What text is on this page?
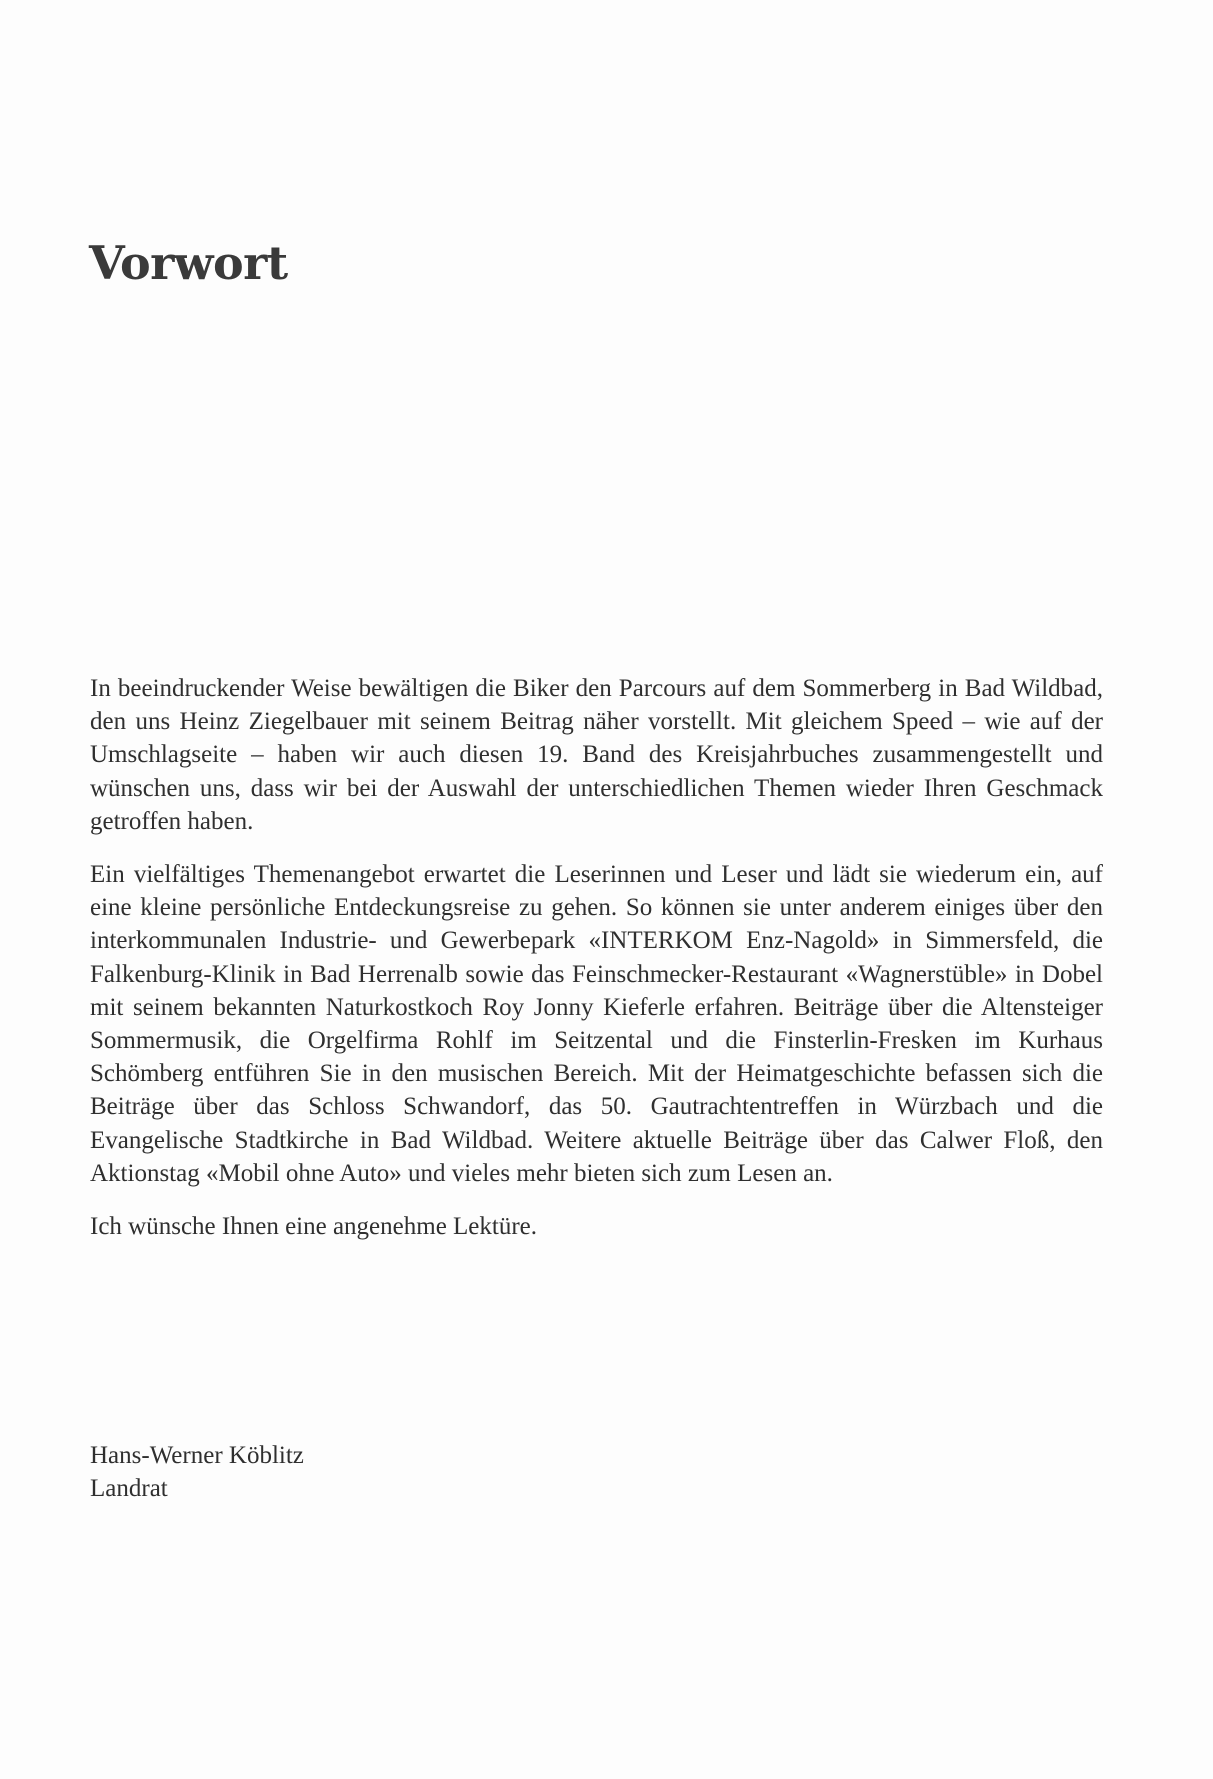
Vorwort

In beeindruckender Weise bewältigen die Biker den Parcours auf dem Sommerberg in Bad Wildbad, den uns Heinz Ziegelbauer mit seinem Beitrag näher vorstellt. Mit gleichem Speed – wie auf der Umschlagseite – haben wir auch diesen 19. Band des Kreisjahrbuches zusammengestellt und wünschen uns, dass wir bei der Auswahl der unterschiedlichen Themen wieder Ihren Geschmack getroffen haben.

Ein vielfältiges Themenangebot erwartet die Leserinnen und Leser und lädt sie wiederum ein, auf eine kleine persönliche Entdeckungsreise zu gehen. So können sie unter anderem einiges über den interkommunalen Industrie- und Gewerbepark «INTERKOM Enz-Nagold» in Simmersfeld, die Falkenburg-Klinik in Bad Herrenalb sowie das Feinschmecker-Restaurant «Wagnerstüble» in Dobel mit seinem bekannten Naturkostkoch Roy Jonny Kieferle erfahren. Beiträge über die Altensteiger Sommermusik, die Orgelfirma Rohlf im Seitzental und die Finsterlin-Fresken im Kurhaus Schömberg entführen Sie in den musischen Bereich. Mit der Heimatgeschichte befassen sich die Beiträge über das Schloss Schwandorf, das 50. Gautrachtentreffen in Würzbach und die Evangelische Stadtkirche in Bad Wildbad. Weitere aktuelle Beiträge über das Calwer Floß, den Aktionstag «Mobil ohne Auto» und vieles mehr bieten sich zum Lesen an.

Ich wünsche Ihnen eine angenehme Lektüre.

Hans-Werner Köblitz
Landrat
